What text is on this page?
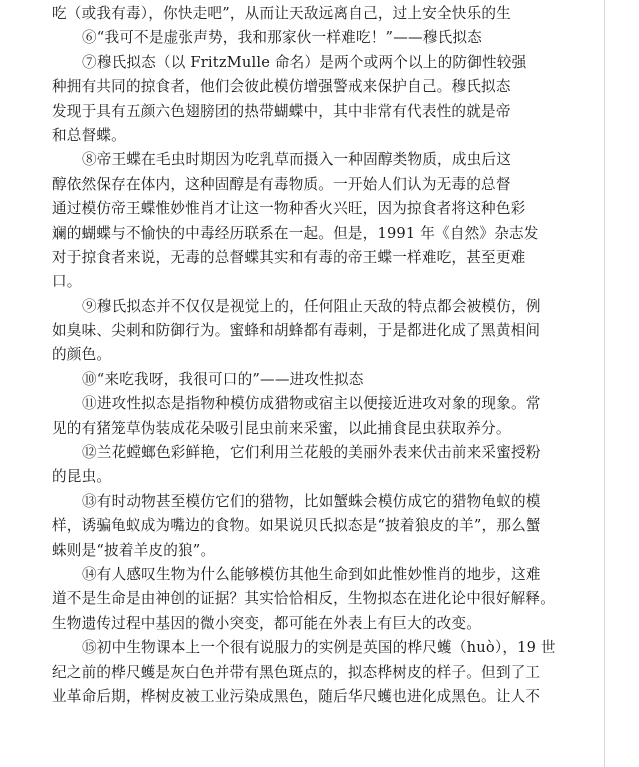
吃（或我有毒），你快走吧”，从而让天敌远离自己，过上安全快乐的生
⑥“我可不是虚张声势，我和那家伙一样难吃！”——穆氏拟态
⑦穆氏拟态（以 FritzMulle 命名）是两个或两个以上的防御性较强
种拥有共同的掠食者，他们会彼此模仿增强警戒来保护自己。穆氏拟态
发现于具有五颜六色翅膀团的热带蝴蝶中，其中非常有代表性的就是帝
和总督蝶。
⑧帝王蝶在毛虫时期因为吃乳草而摄入一种固醇类物质，成虫后这
醇依然保存在体内，这种固醇是有毒物质。一开始人们认为无毒的总督
通过模仿帝王蝶惟妙惟肖才让这一物种香火兴旺，因为掠食者将这种色彩
斓的蝴蝶与不愉快的中毒经历联系在一起。但是，1991 年《自然》杂志发
对于掠食者来说，无毒的总督蝶其实和有毒的帝王蝶一样难吃，甚至更难
口。
⑨穆氏拟态并不仅仅是视觉上的，任何阻止天敌的特点都会被模仿，例
如臭味、尖刺和防御行为。蜜蜂和胡蜂都有毒刺，于是都进化成了黑黄相间
的颜色。
⑩“来吃我呀，我很可口的”——进攻性拟态
⑪进攻性拟态是指物种模仿成猎物或宿主以便接近进攻对象的现象。常
见的有猪笼草伪装成花朵吸引昆虫前来采蜜，以此捕食昆虫获取养分。
⑫兰花螳螂色彩鲜艳，它们利用兰花般的美丽外表来伏击前来采蜜授粉
的昆虫。
⑬有时动物甚至模仿它们的猎物，比如蟹蛛会模仿成它的猎物龟蚁的模
样，诱骗龟蚁成为嘴边的食物。如果说贝氏拟态是“披着狼皮的羊”，那么蟹
蛛则是“披着羊皮的狼”。
⑭有人感叹生物为什么能够模仿其他生命到如此惟妙惟肖的地步，这难
道不是生命是由神创的证据？其实恰恰相反，生物拟态在进化论中很好解释。
生物遗传过程中基因的微小突变，都可能在外表上有巨大的改变。
⑮初中生物课本上一个很有说服力的实例是英国的桦尺蠖（huò），19 世
纪之前的桦尺蠖是灰白色并带有黑色斑点的，拟态桦树皮的样子。但到了工
业革命后期，桦树皮被工业污染成黑色，随后华尺蠖也进化成黑色。让人不
